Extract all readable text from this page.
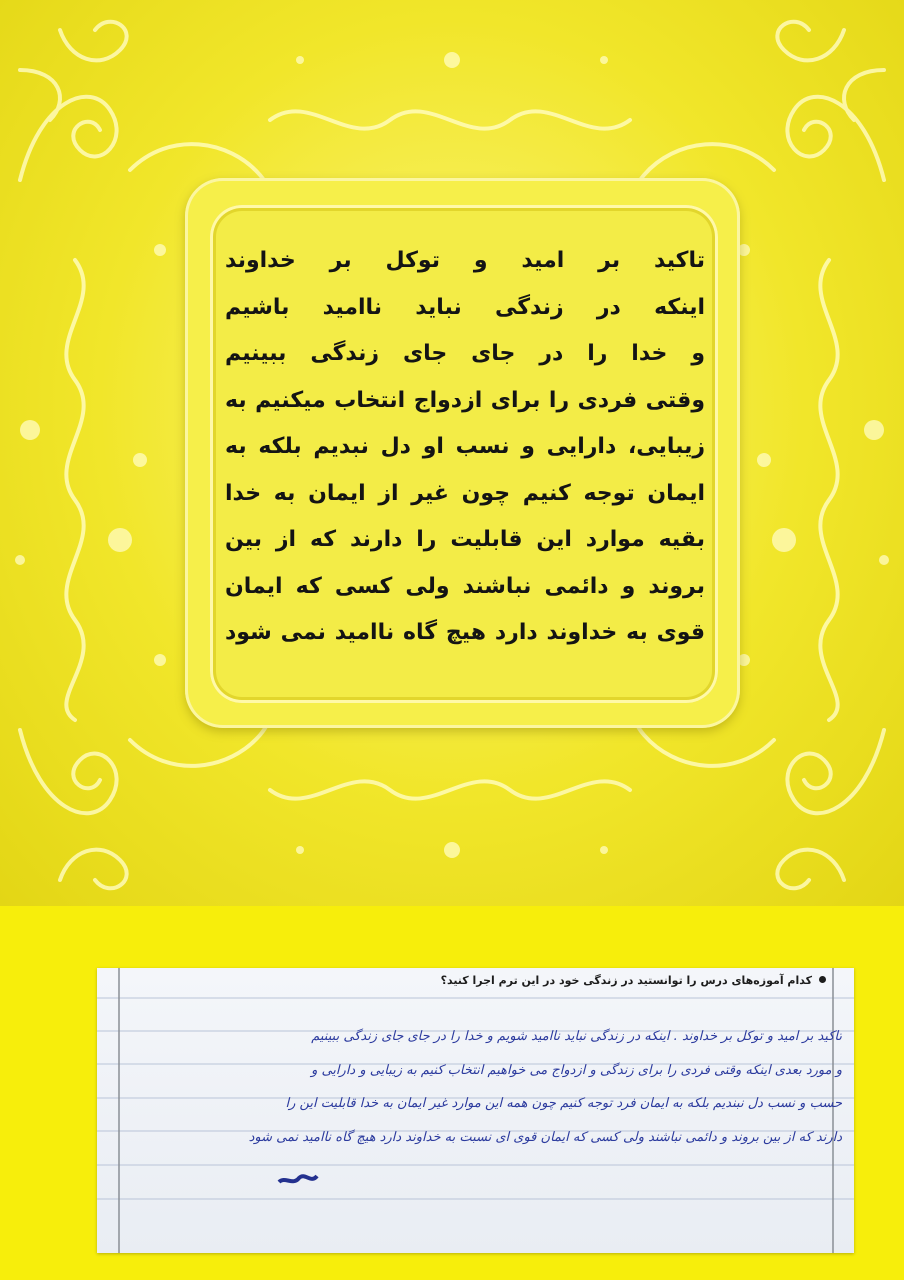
تاکید بر امید و توکل بر خداوند
اینکه در زندگی نباید ناامید باشیم
و خدا را در جای جای زندگی ببینیم
وقتی فردی را برای ازدواج انتخاب میکنیم به
زیبایی، دارایی و نسب او دل نبدیم بلکه به
ایمان توجه کنیم چون غیر از ایمان به خدا
بقیه موارد این قابلیت را دارند که از بین
بروند و دائمی نباشند ولی کسی که ایمان
قوی به خداوند دارد هیچ گاه ناامید نمی شود
کدام آموزه‌های درس را توانستید در زندگی خود در این ترم اجرا کنید؟
تاکید بر امید و توکل بر خداوند . اینکه در زندگی نباید ناامید شویم و خدا را در جای جای زندگی ببینیم
و مورد بعدی اینکه وقتی فردی را برای زندگی و ازدواج می خواهیم انتخاب کنیم به زیبایی و دارایی و
حسب و نسب دل نبندیم بلکه به ایمان فرد توجه کنیم چون همه این موارد غیر ایمان به خدا قابلیت این را
دارند که از بین بروند و دائمی نباشند ولی کسی که ایمان قوی ای نسبت به خداوند دارد هیچ گاه ناامید نمی شود
